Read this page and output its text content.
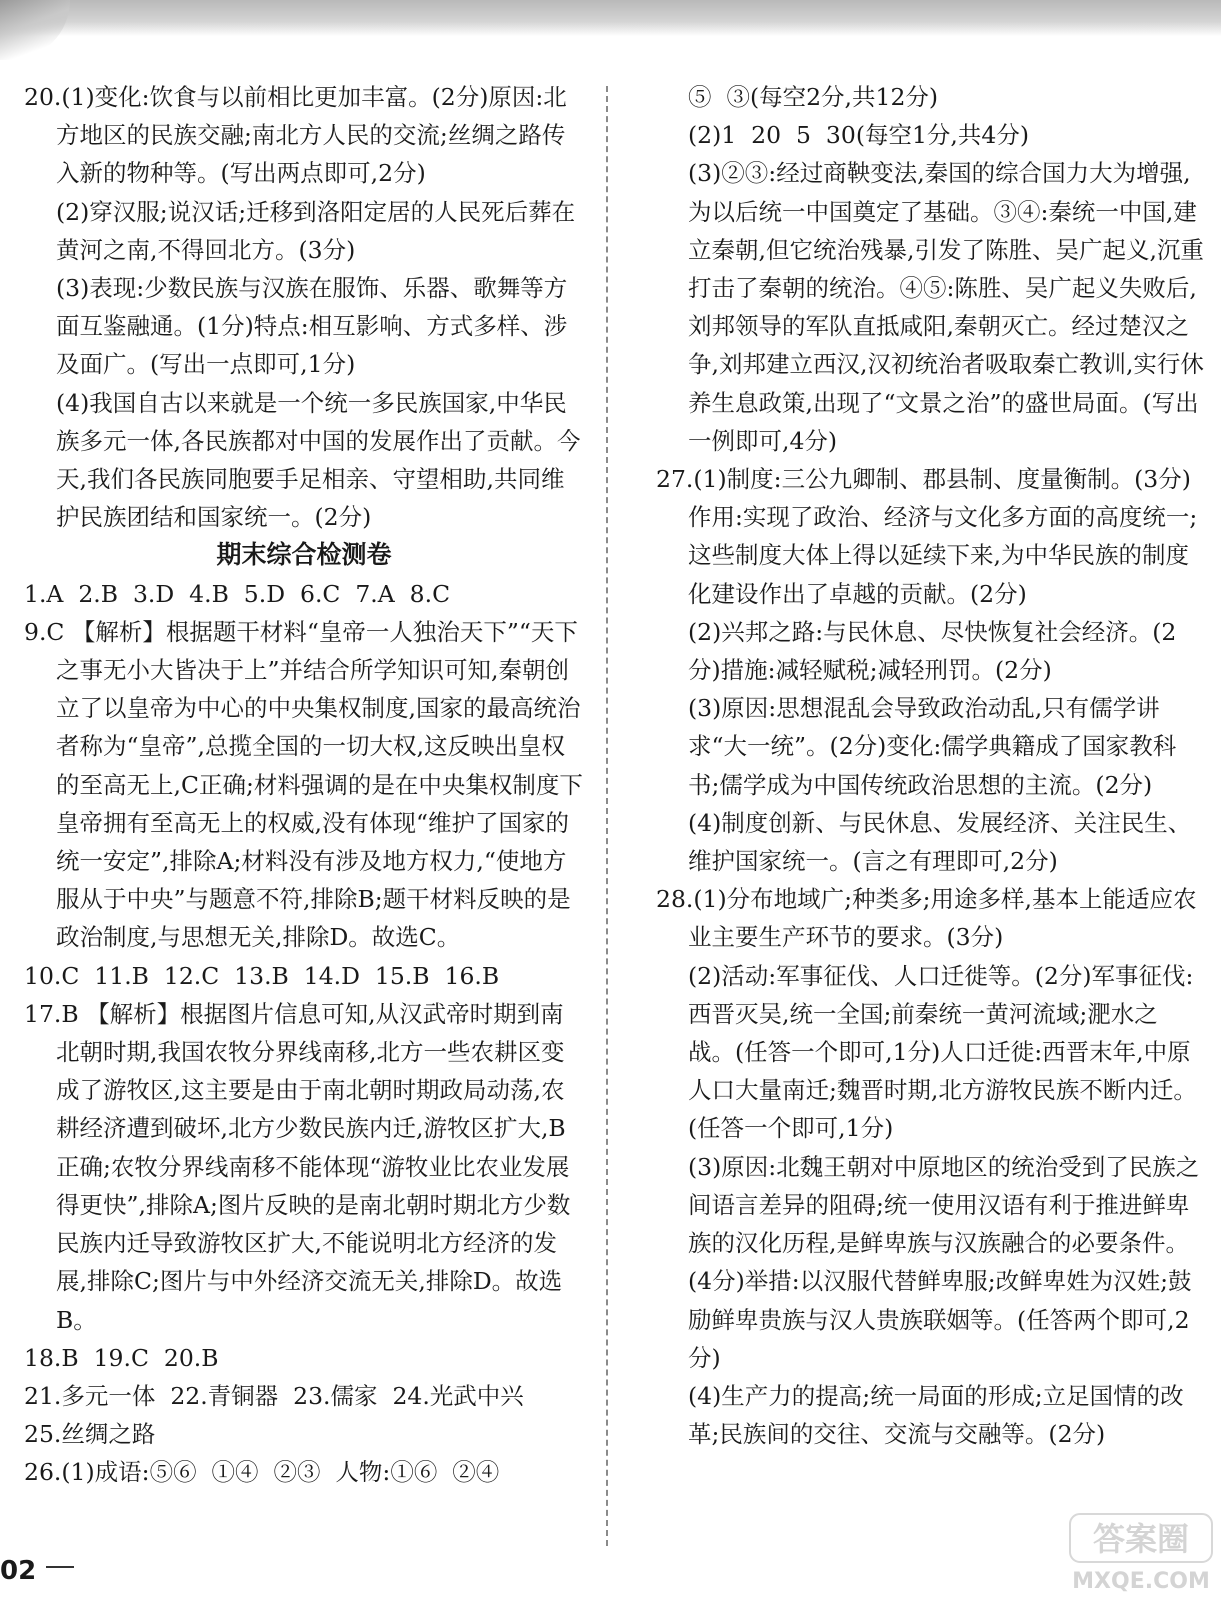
20.(1)变化:饮食与以前相比更加丰富。(2分)原因:北方地区的民族交融;南北方人民的交流;丝绸之路传入新的物种等。(写出两点即可,2分)

(2)穿汉服;说汉话;迁移到洛阳定居的人民死后葬在黄河之南,不得回北方。(3分)

(3)表现:少数民族与汉族在服饰、乐器、歌舞等方面互鉴融通。(1分)特点:相互影响、方式多样、涉及面广。(写出一点即可,1分)

(4)我国自古以来就是一个统一多民族国家,中华民族多元一体,各民族都对中国的发展作出了贡献。今天,我们各民族同胞要手足相亲、守望相助,共同维护民族团结和国家统一。(2分)

期末综合检测卷

1.A  2.B  3.D  4.B  5.D  6.C  7.A  8.C

9.C 【解析】根据题干材料“皇帝一人独治天下”“天下之事无小大皆决于上”并结合所学知识可知,秦朝创立了以皇帝为中心的中央集权制度,国家的最高统治者称为“皇帝”,总揽全国的一切大权,这反映出皇权的至高无上,C正确;材料强调的是在中央集权制度下皇帝拥有至高无上的权威,没有体现“维护了国家的统一安定”,排除A;材料没有涉及地方权力,“使地方服从于中央”与题意不符,排除B;题干材料反映的是政治制度,与思想无关,排除D。故选C。

10.C  11.B  12.C  13.B  14.D  15.B  16.B

17.B 【解析】根据图片信息可知,从汉武帝时期到南北朝时期,我国农牧分界线南移,北方一些农耕区变成了游牧区,这主要是由于南北朝时期政局动荡,农耕经济遭到破坏,北方少数民族内迁,游牧区扩大,B正确;农牧分界线南移不能体现“游牧业比农业发展得更快”,排除A;图片反映的是南北朝时期北方少数民族内迁导致游牧区扩大,不能说明北方经济的发展,排除C;图片与中外经济交流无关,排除D。故选B。

18.B  19.C  20.B

21.多元一体  22.青铜器  23.儒家  24.光武中兴

25.丝绸之路

26.(1)成语:⑤⑥  ①④  ②③  人物:①⑥  ②④

⑤  ③(每空2分,共12分)

(2)1  20  5  30(每空1分,共4分)

(3)②③:经过商鞅变法,秦国的综合国力大为增强,为以后统一中国奠定了基础。③④:秦统一中国,建立秦朝,但它统治残暴,引发了陈胜、吴广起义,沉重打击了秦朝的统治。④⑤:陈胜、吴广起义失败后,刘邦领导的军队直抵咸阳,秦朝灭亡。经过楚汉之争,刘邦建立西汉,汉初统治者吸取秦亡教训,实行休养生息政策,出现了“文景之治”的盛世局面。(写出一例即可,4分)

27.(1)制度:三公九卿制、郡县制、度量衡制。(3分)作用:实现了政治、经济与文化多方面的高度统一;这些制度大体上得以延续下来,为中华民族的制度化建设作出了卓越的贡献。(2分)

(2)兴邦之路:与民休息、尽快恢复社会经济。(2分)措施:减轻赋税;减轻刑罚。(2分)

(3)原因:思想混乱会导致政治动乱,只有儒学讲求“大一统”。(2分)变化:儒学典籍成了国家教科书;儒学成为中国传统政治思想的主流。(2分)

(4)制度创新、与民休息、发展经济、关注民生、维护国家统一。(言之有理即可,2分)

28.(1)分布地域广;种类多;用途多样,基本上能适应农业主要生产环节的要求。(3分)

(2)活动:军事征伐、人口迁徙等。(2分)军事征伐:西晋灭吴,统一全国;前秦统一黄河流域;淝水之战。(任答一个即可,1分)人口迁徙:西晋末年,中原人口大量南迁;魏晋时期,北方游牧民族不断内迁。(任答一个即可,1分)

(3)原因:北魏王朝对中原地区的统治受到了民族之间语言差异的阻碍;统一使用汉语有利于推进鲜卑族的汉化历程,是鲜卑族与汉族融合的必要条件。(4分)举措:以汉服代替鲜卑服;改鲜卑姓为汉姓;鼓励鲜卑贵族与汉人贵族联姻等。(任答两个即可,2分)

(4)生产力的提高;统一局面的形成;立足国情的改革;民族间的交往、交流与交融等。(2分)

02
答案圈
MXQE.COM
